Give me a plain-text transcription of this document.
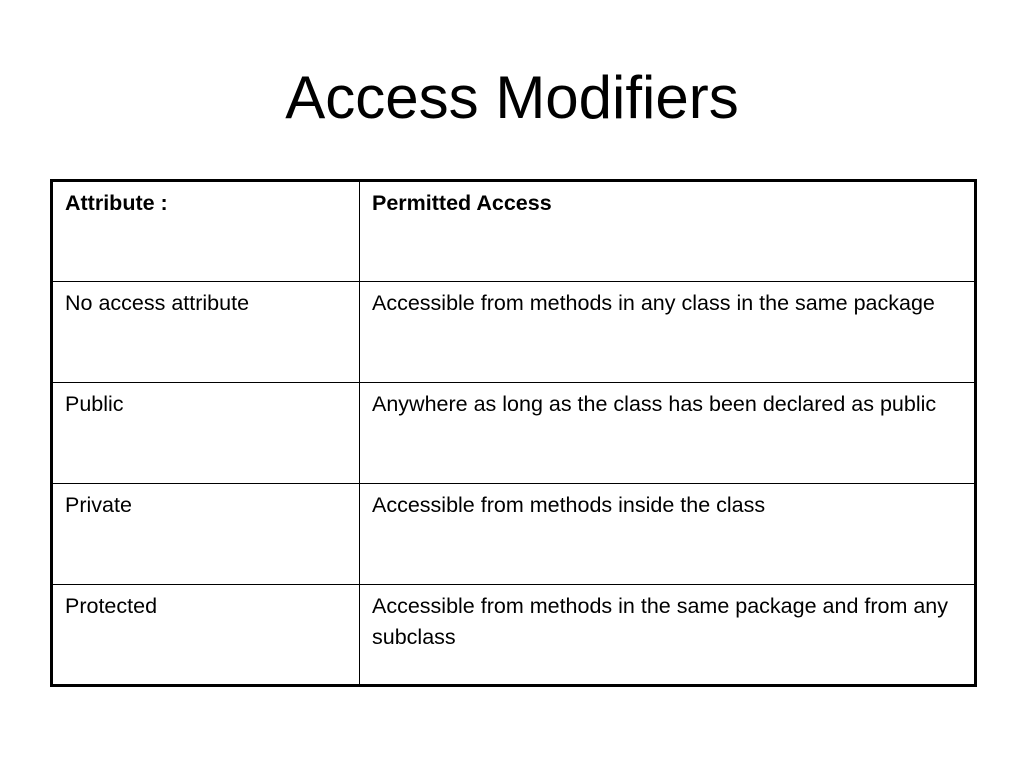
Access Modifiers
Attribute :	Permitted Access
No access attribute	Accessible from methods in any class in the same package
Public	Anywhere as long as the class has been declared as public
Private	Accessible from methods inside the class
Protected	Accessible from methods in the same package and from any subclass
